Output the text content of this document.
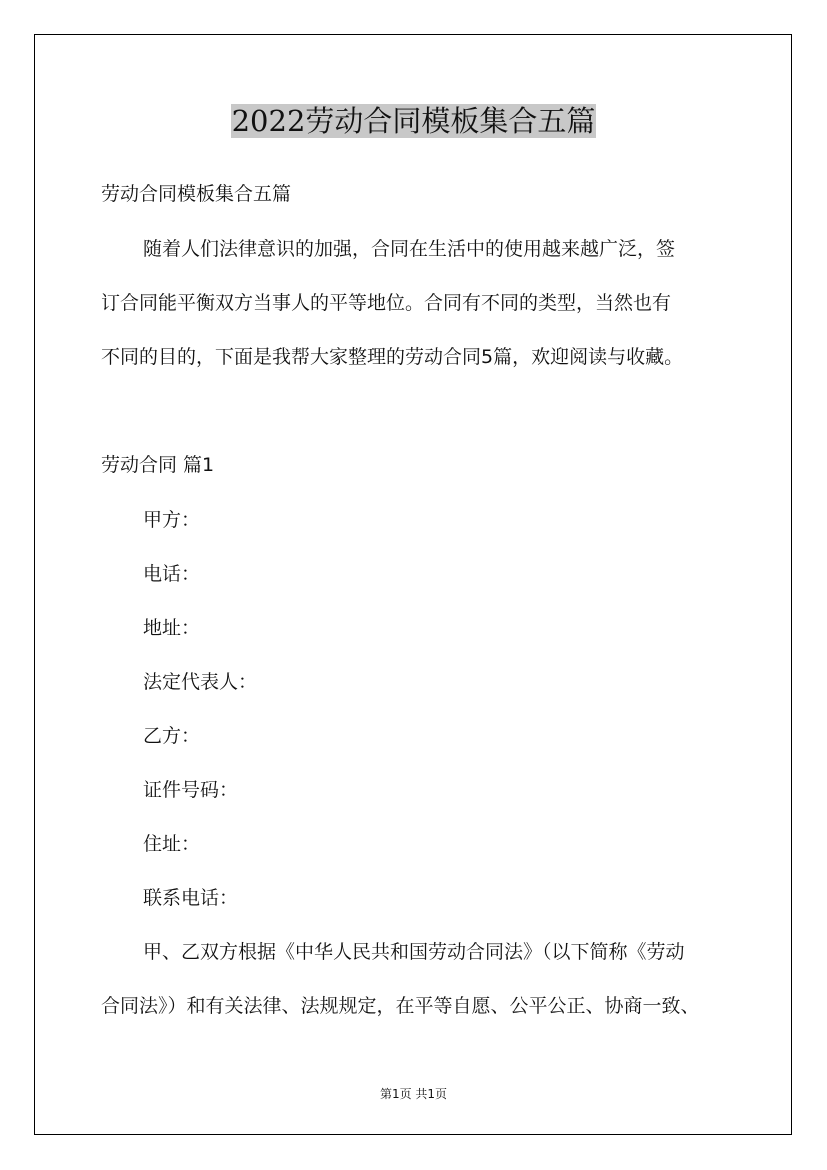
2022劳动合同模板集合五篇
劳动合同模板集合五篇
随着人们法律意识的加强，合同在生活中的使用越来越广泛，签
订合同能平衡双方当事人的平等地位。合同有不同的类型，当然也有
不同的目的，下面是我帮大家整理的劳动合同5篇，欢迎阅读与收藏。
劳动合同 篇1
甲方：
电话：
地址：
法定代表人：
乙方：
证件号码：
住址：
联系电话：
甲、乙双方根据《中华人民共和国劳动合同法》（以下简称《劳动
合同法》）和有关法律、法规规定，在平等自愿、公平公正、协商一致、
第1页 共1页
